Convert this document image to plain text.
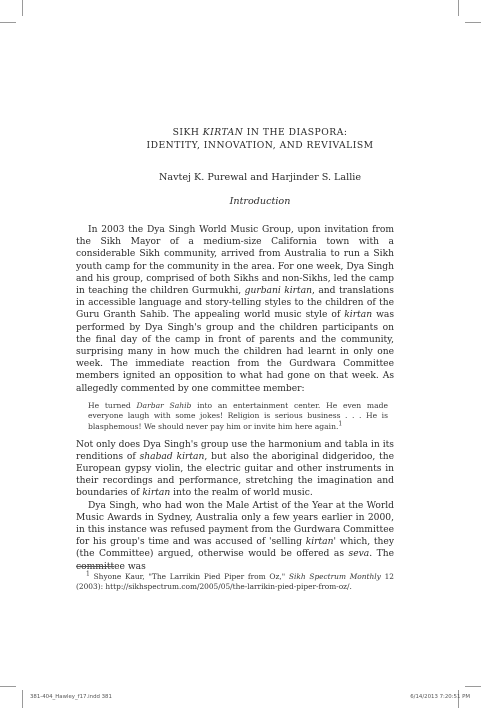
SIKH KIRTAN IN THE DIASPORA:
IDENTITY, INNOVATION, AND REVIVALISM
Navtej K. Purewal and Harjinder S. Lallie
Introduction

In 2003 the Dya Singh World Music Group, upon invitation from the Sikh Mayor of a medium-size California town with a considerable Sikh community, arrived from Australia to run a Sikh youth camp for the community in the area. For one week, Dya Singh and his group, comprised of both Sikhs and non-Sikhs, led the camp in teaching the children Gurmukhi, gurbani kirtan, and translations in accessible language and story-telling styles to the children of the Guru Granth Sahib. The appealing world music style of kirtan was performed by Dya Singh's group and the children participants on the final day of the camp in front of parents and the community, surprising many in how much the children had learnt in only one week. The immediate reaction from the Gurdwara Committee members ignited an opposition to what had gone on that week. As allegedly commented by one committee member:

He turned Darbar Sahib into an entertainment center. He even made everyone laugh with some jokes! Religion is serious business . . . He is blasphemous! We should never pay him or invite him here again.$^1$

Not only does Dya Singh's group use the harmonium and tabla in its renditions of shabad kirtan, but also the aboriginal didgeridoo, the European gypsy violin, the electric guitar and other instruments in their recordings and performance, stretching the imagination and boundaries of kirtan into the realm of world music.

Dya Singh, who had won the Male Artist of the Year at the World Music Awards in Sydney, Australia only a few years earlier in 2000, in this instance was refused payment from the Gurdwara Committee for his group's time and was accused of 'selling kirtan' which, they (the Committee) argued, otherwise would be offered as seva. The committee was

$^1$ Shyone Kaur, "The Larrikin Pied Piper from Oz," Sikh Spectrum Monthly 12 (2003): http://sikhspectrum.com/2005/05/the-larrikin-pied-piper-from-oz/.
381-404_Hawley_f17.indd 381	6/14/2013 7:20:51 PM
